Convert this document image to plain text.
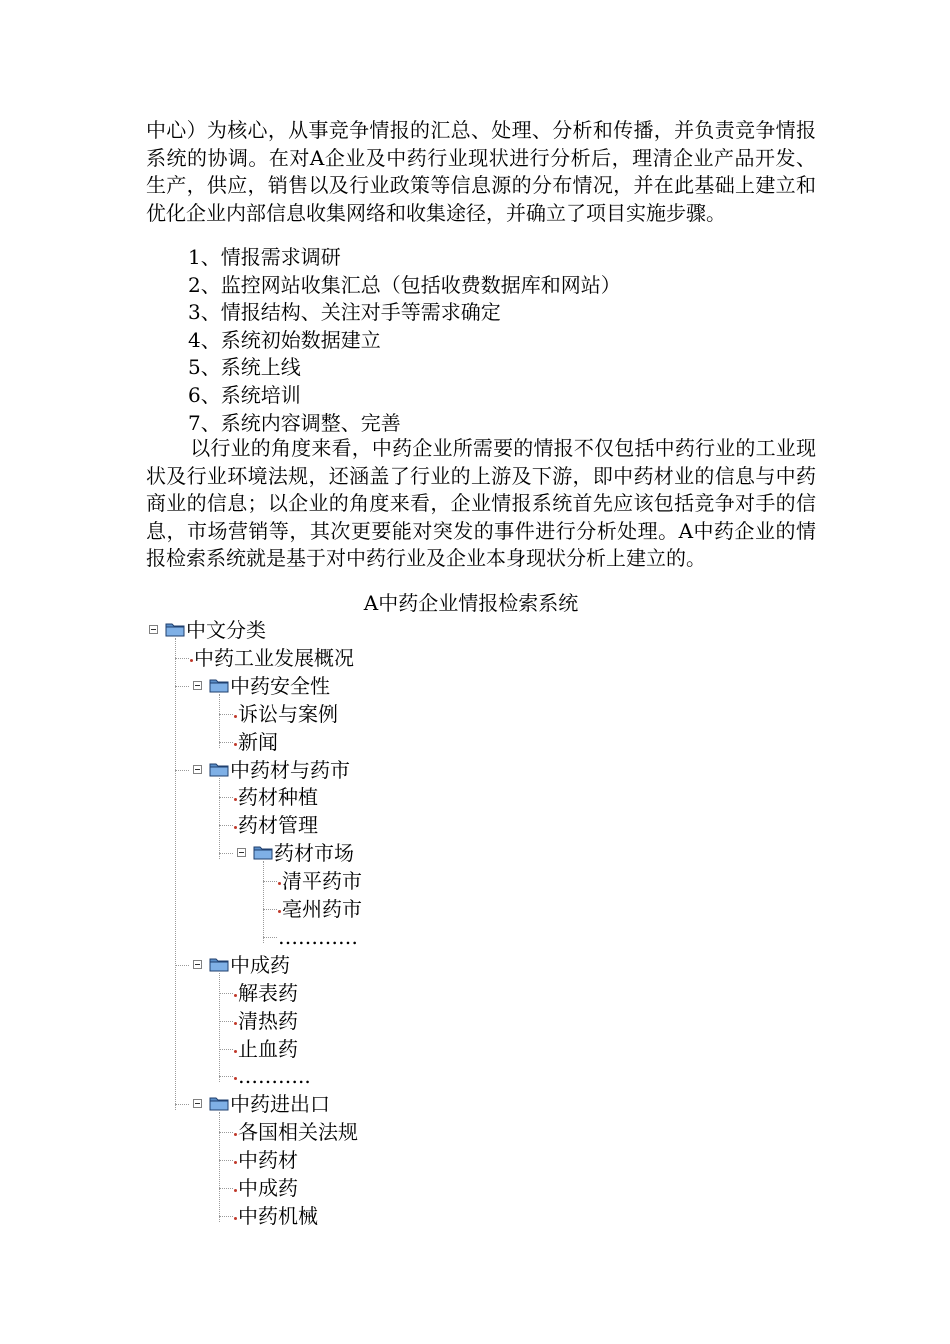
中心）为核心，从事竞争情报的汇总、处理、分析和传播，并负责竞争情报系统的协调。在对A企业及中药行业现状进行分析后，理清企业产品开发、生产，供应，销售以及行业政策等信息源的分布情况，并在此基础上建立和优化企业内部信息收集网络和收集途径，并确立了项目实施步骤。

1、情报需求调研
2、监控网站收集汇总（包括收费数据库和网站）
3、情报结构、关注对手等需求确定
4、系统初始数据建立
5、系统上线
6、系统培训
7、系统内容调整、完善

以行业的角度来看，中药企业所需要的情报不仅包括中药行业的工业现状及行业环境法规，还涵盖了行业的上游及下游，即中药材业的信息与中药商业的信息；以企业的角度来看，企业情报系统首先应该包括竞争对手的信息，市场营销等，其次更要能对突发的事件进行分析处理。A中药企业的情报检索系统就是基于对中药行业及企业本身现状分析上建立的。

A中药企业情报检索系统
中文分类
中药工业发展概况
中药安全性
诉讼与案例
新闻
中药材与药市
药材种植
药材管理
药材市场
清平药市
亳州药市
…………
中成药
解表药
清热药
止血药
………..
中药进出口
各国相关法规
中药材
中成药
中药机械
